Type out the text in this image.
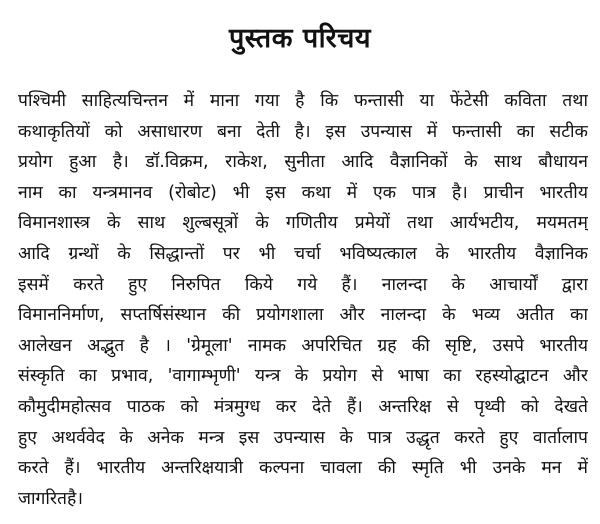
पुस्तक परिचय
पश्चिमी साहित्यचिन्तन में माना गया है कि फन्तासी या फेंटेसी कविता तथा
कथाकृतियों को असाधारण बना देती है। इस उपन्यास में फन्तासी का सटीक
प्रयोग हुआ है। डॉ.विक्रम, राकेश, सुनीता आदि वैज्ञानिकों के साथ बौधायन
नाम का यन्त्रमानव (रोबोट) भी इस कथा में एक पात्र है। प्राचीन भारतीय
विमानशास्त्र के साथ शुल्बसूत्रों के गणितीय प्रमेयों तथा आर्यभटीय, मयमतम्
आदि ग्रन्थों के सिद्धान्तों पर भी चर्चा भविष्यत्काल के भारतीय वैज्ञानिक
इसमें करते हुए निरुपित किये गये हैं। नालन्दा के आचार्यों द्वारा
विमाननिर्माण, सप्तर्षिसंस्थान की प्रयोगशाला और नालन्दा के भव्य अतीत का
आलेखन अद्भुत है । 'ग्रेमूला' नामक अपरिचित ग्रह की सृष्टि, उसपे भारतीय
संस्कृति का प्रभाव, 'वागाम्भृणी' यन्त्र के प्रयोग से भाषा का रहस्योद्घाटन और
कौमुदीमहोत्सव पाठक को मंत्रमुग्ध कर देते हैं। अन्तरिक्ष से पृथ्वी को देखते
हुए अथर्ववेद के अनेक मन्त्र इस उपन्यास के पात्र उद्धृत करते हुए वार्तालाप
करते हैं। भारतीय अन्तरिक्षयात्री कल्पना चावला की स्मृति भी उनके मन में
जागरितहै।
